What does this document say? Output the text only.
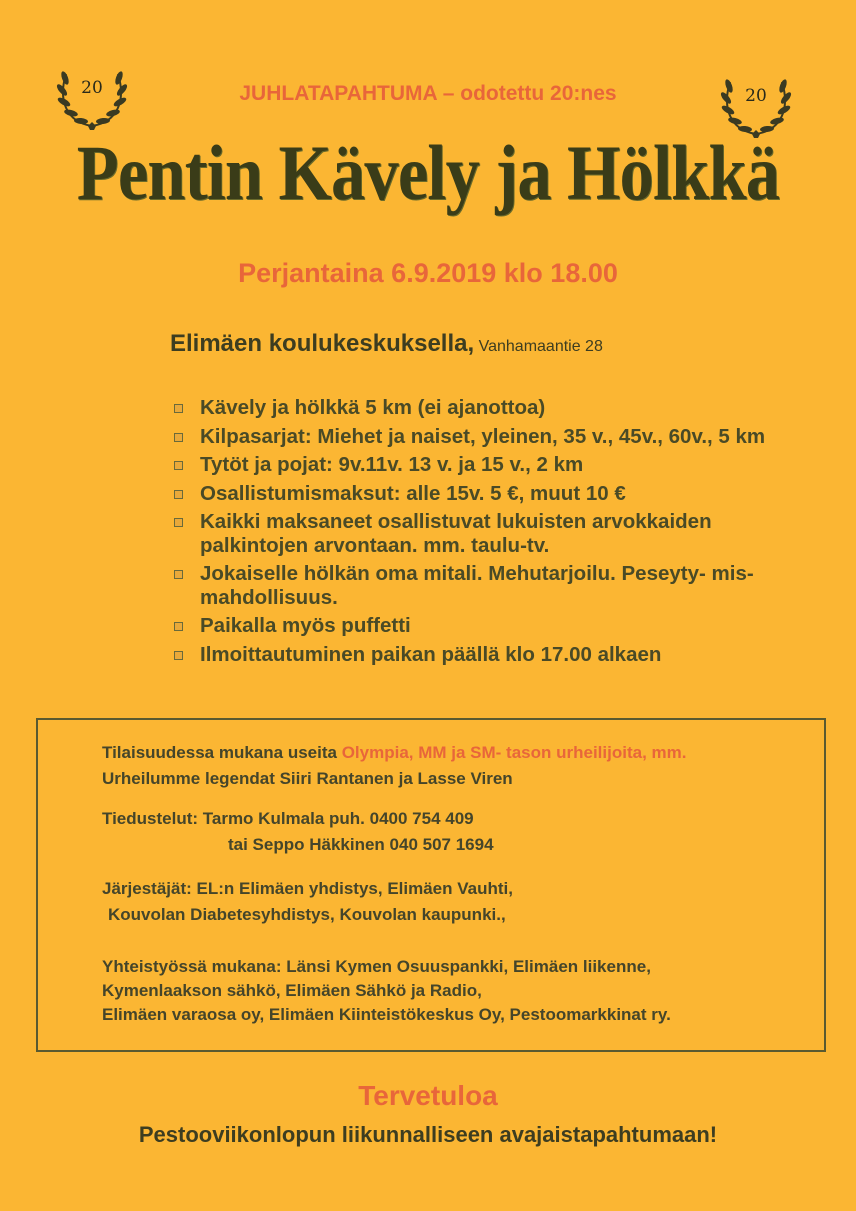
20	20
JUHLATAPAHTUMA – odotettu 20:nes
Pentin Kävely ja Hölkkä
Perjantaina 6.9.2019 klo 18.00
Elimäen koulukeskuksella, Vanhamaantie 28
Kävely ja hölkkä 5 km (ei ajanottoa)
Kilpasarjat: Miehet ja naiset, yleinen, 35 v., 45v., 60v., 5 km
Tytöt ja pojat: 9v.11v. 13 v. ja 15 v., 2 km
Osallistumismaksut: alle 15v. 5 €, muut 10 €
Kaikki maksaneet osallistuvat lukuisten arvokkaiden palkintojen arvontaan. mm. taulu-tv.
Jokaiselle hölkän oma mitali. Mehutarjoilu. Peseyty- mis- mahdollisuus.
Paikalla myös puffetti
Ilmoittautuminen paikan päällä klo 17.00 alkaen
Tilaisuudessa mukana useita Olympia, MM ja SM- tason urheilijoita, mm.
Urheilumme legendat Siiri Rantanen ja Lasse Viren
Tiedustelut: Tarmo Kulmala puh. 0400 754 409
tai Seppo Häkkinen 040 507 1694
Järjestäjät: EL:n Elimäen yhdistys, Elimäen Vauhti,
Kouvolan Diabetesyhdistys, Kouvolan kaupunki.,
Yhteistyössä mukana: Länsi Kymen Osuuspankki, Elimäen liikenne,
Kymenlaakson sähkö, Elimäen Sähkö ja Radio,
Elimäen varaosa oy, Elimäen Kiinteistökeskus Oy, Pestoomarkkinat ry.
Tervetuloa
Pestooviikonlopun liikunnalliseen avajaistapahtumaan!
